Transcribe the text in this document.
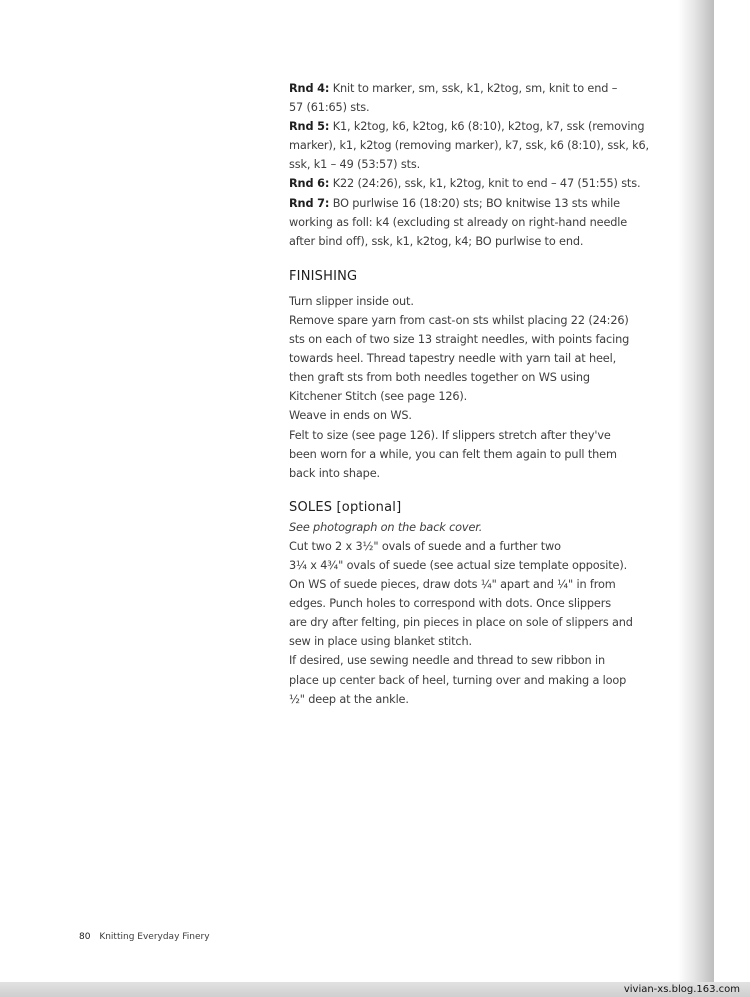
Rnd 4: Knit to marker, sm, ssk, k1, k2tog, sm, knit to end –
57 (61:65) sts.

Rnd 5: K1, k2tog, k6, k2tog, k6 (8:10), k2tog, k7, ssk (removing
marker), k1, k2tog (removing marker), k7, ssk, k6 (8:10), ssk, k6,
ssk, k1 – 49 (53:57) sts.

Rnd 6: K22 (24:26), ssk, k1, k2tog, knit to end – 47 (51:55) sts.

Rnd 7: BO purlwise 16 (18:20) sts; BO knitwise 13 sts while
working as foll: k4 (excluding st already on right-hand needle
after bind off), ssk, k1, k2tog, k4; BO purlwise to end.

FINISHING

Turn slipper inside out.
Remove spare yarn from cast-on sts whilst placing 22 (24:26)
sts on each of two size 13 straight needles, with points facing
towards heel. Thread tapestry needle with yarn tail at heel,
then graft sts from both needles together on WS using
Kitchener Stitch (see page 126).
Weave in ends on WS.
Felt to size (see page 126). If slippers stretch after they've
been worn for a while, you can felt them again to pull them
back into shape.

SOLES [optional]

See photograph on the back cover.
Cut two 2 x 3½" ovals of suede and a further two
3¼ x 4¾" ovals of suede (see actual size template opposite).
On WS of suede pieces, draw dots ¼" apart and ¼" in from
edges. Punch holes to correspond with dots. Once slippers
are dry after felting, pin pieces in place on sole of slippers and
sew in place using blanket stitch.
If desired, use sewing needle and thread to sew ribbon in
place up center back of heel, turning over and making a loop
½" deep at the ankle.

80 Knitting Everyday Finery
vivian-xs.blog.163.com
